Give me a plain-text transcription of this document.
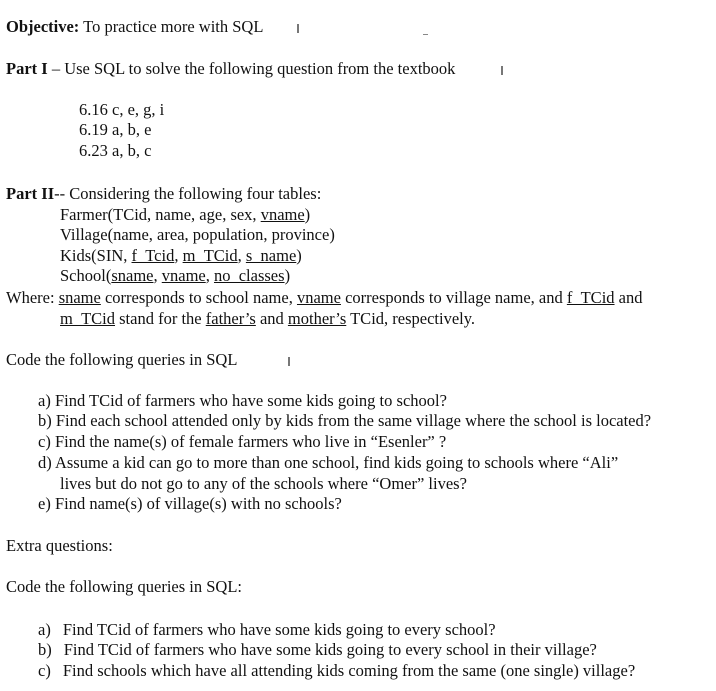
Objective: To practice more with SQL
Part I – Use SQL to solve the following question from the textbook
6.16 c, e, g, i
6.19 a, b, e
6.23 a, b, c
Part II-- Considering the following four tables:
Farmer(TCid, name, age, sex, vname)
Village(name, area, population, province)
Kids(SIN, f_Tcid, m_TCid, s_name)
School(sname, vname, no_classes)
Where: sname corresponds to school name, vname corresponds to village name, and f_TCid and
m_TCid stand for the father’s and mother’s TCid, respectively.
Code the following queries in SQL
a) Find TCid of farmers who have some kids going to school?
b) Find each school attended only by kids from the same village where the school is located?
c) Find the name(s) of female farmers who live in “Esenler” ?
d) Assume a kid can go to more than one school, find kids going to schools where “Ali”
lives but do not go to any of the schools where “Omer” lives?
e) Find name(s) of village(s) with no schools?
Extra questions:
Code the following queries in SQL:
a) Find TCid of farmers who have some kids going to every school?
b) Find TCid of farmers who have some kids going to every school in their village?
c) Find schools which have all attending kids coming from the same (one single) village?
